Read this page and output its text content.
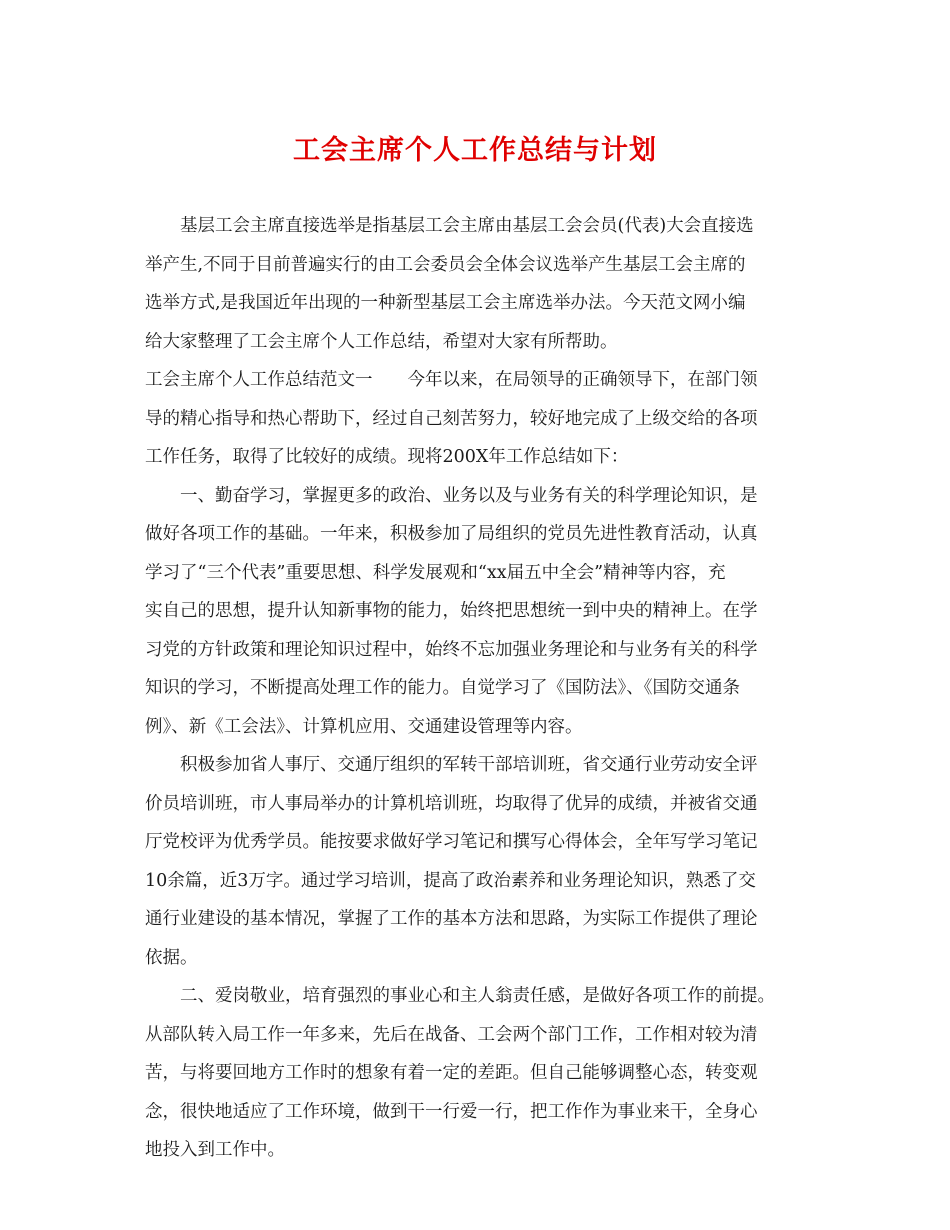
工会主席个人工作总结与计划
　　基层工会主席直接选举是指基层工会主席由基层工会会员(代表)大会直接选
举产生,不同于目前普遍实行的由工会委员会全体会议选举产生基层工会主席的
选举方式,是我国近年出现的一种新型基层工会主席选举办法。今天范文网小编
给大家整理了工会主席个人工作总结，希望对大家有所帮助。
工会主席个人工作总结范文一　　今年以来，在局领导的正确领导下，在部门领
导的精心指导和热心帮助下，经过自己刻苦努力，较好地完成了上级交给的各项
工作任务，取得了比较好的成绩。现将200X年工作总结如下：
　　一、勤奋学习，掌握更多的政治、业务以及与业务有关的科学理论知识，是
做好各项工作的基础。一年来，积极参加了局组织的党员先进性教育活动，认真
学习了“三个代表”重要思想、科学发展观和“xx届五中全会”精神等内容，充
实自己的思想，提升认知新事物的能力，始终把思想统一到中央的精神上。在学
习党的方针政策和理论知识过程中，始终不忘加强业务理论和与业务有关的科学
知识的学习，不断提高处理工作的能力。自觉学习了《国防法》、《国防交通条
例》、新《工会法》、计算机应用、交通建设管理等内容。
　　积极参加省人事厅、交通厅组织的军转干部培训班，省交通行业劳动安全评
价员培训班，市人事局举办的计算机培训班，均取得了优异的成绩，并被省交通
厅党校评为优秀学员。能按要求做好学习笔记和撰写心得体会，全年写学习笔记
10余篇，近3万字。通过学习培训，提高了政治素养和业务理论知识，熟悉了交
通行业建设的基本情况，掌握了工作的基本方法和思路，为实际工作提供了理论
依据。
　　二、爱岗敬业，培育强烈的事业心和主人翁责任感，是做好各项工作的前提。
从部队转入局工作一年多来，先后在战备、工会两个部门工作，工作相对较为清
苦，与将要回地方工作时的想象有着一定的差距。但自己能够调整心态，转变观
念，很快地适应了工作环境，做到干一行爱一行，把工作作为事业来干，全身心
地投入到工作中。
